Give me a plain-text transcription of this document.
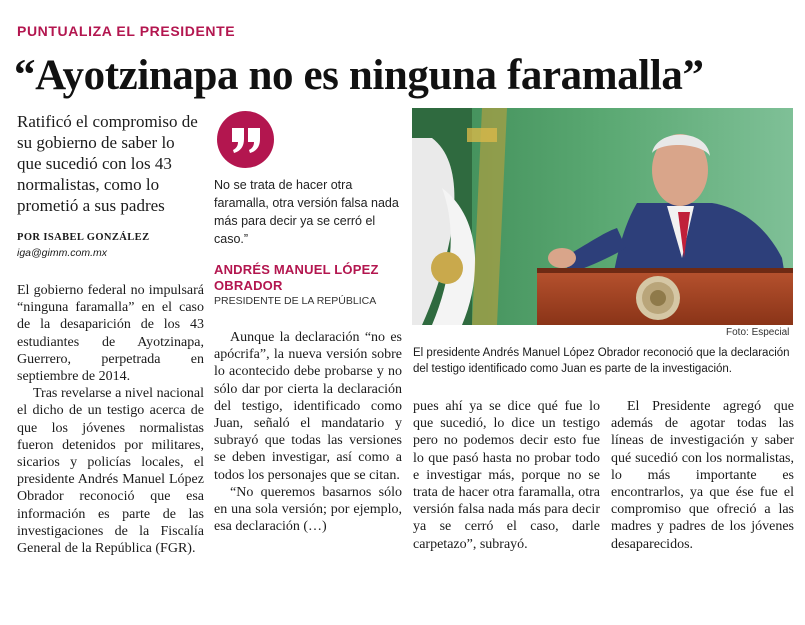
PUNTUALIZA EL PRESIDENTE
“Ayotzinapa no es ninguna faramalla”
Ratificó el compromiso de su gobierno de saber lo que sucedió con los 43 normalistas, como lo prometió a sus padres
POR ISABEL GONZÁLEZ
iga@gimm.com.mx
No se trata de hacer otra faramalla, otra versión falsa nada más para decir ya se cerró el caso.”
ANDRÉS MANUEL LÓPEZ OBRADOR
PRESIDENTE DE LA REPÚBLICA
Foto: Especial
El presidente Andrés Manuel López Obrador reconoció que la declaración del testigo identificado como Juan es parte de la investigación.

El gobierno federal no impulsará “ninguna faramalla” en el caso de la desaparición de los 43 estudiantes de Ayotzinapa, Guerrero, perpetrada en septiembre de 2014.

Tras revelarse a nivel nacional el dicho de un testigo acerca de que los jóvenes normalistas fueron detenidos por militares, sicarios y policías locales, el presidente Andrés Manuel López Obrador reconoció que esa información es parte de las investigaciones de la Fiscalía General de la República (FGR).

Aunque la declaración “no es apócrifa”, la nueva versión sobre lo acontecido debe probarse y no sólo dar por cierta la declaración del testigo, identificado como Juan, señaló el mandatario y subrayó que todas las versiones se deben investigar, así como a todos los personajes que se citan.

“No queremos basarnos sólo en una sola versión; por ejemplo, esa declaración (…)

pues ahí ya se dice qué fue lo que sucedió, lo dice un testigo pero no podemos decir esto fue lo que pasó hasta no probar todo e investigar más, porque no se trata de hacer otra faramalla, otra versión falsa nada más para decir ya se cerró el caso, darle carpetazo”, subrayó.

El Presidente agregó que además de agotar todas las líneas de investigación y saber qué sucedió con los normalistas, lo más importante es encontrarlos, ya que ése fue el compromiso que ofreció a las madres y padres de los jóvenes desaparecidos.
